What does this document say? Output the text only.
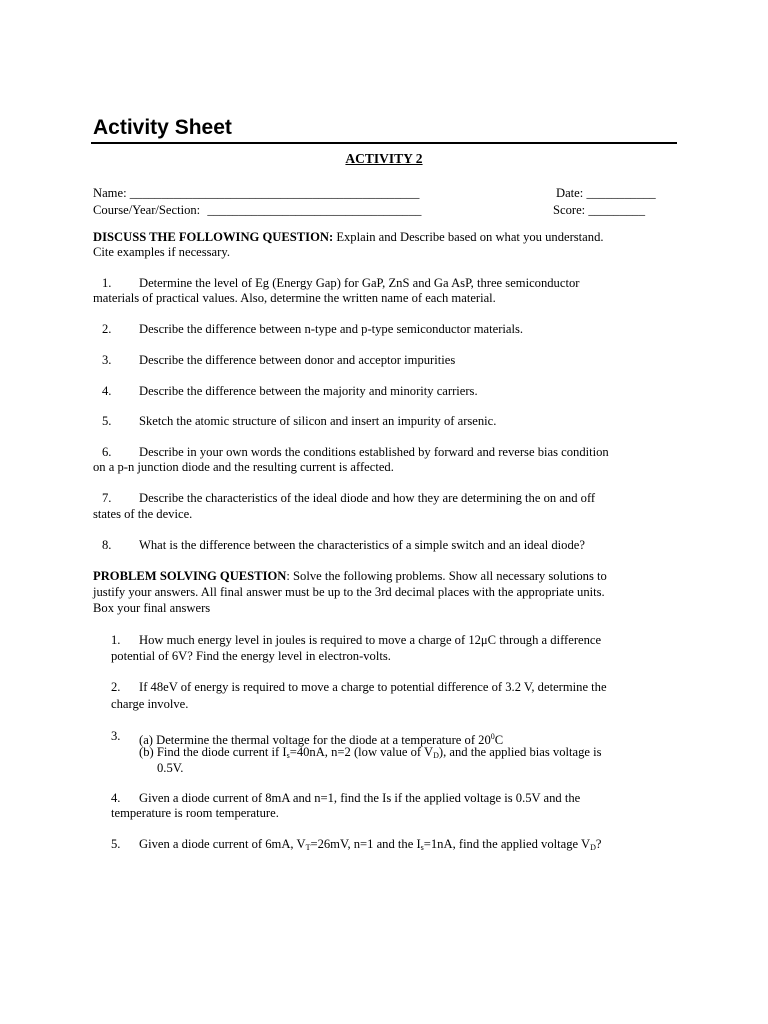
Activity Sheet
ACTIVITY 2
Name: ______________________________________________	Date: ___________
Course/Year/Section: __________________________________	Score: _________
DISCUSS THE FOLLOWING QUESTION: Explain and Describe based on what you understand.
Cite examples if necessary.
1. Determine the level of Eg (Energy Gap) for GaP, ZnS and Ga AsP, three semiconductor
materials of practical values. Also, determine the written name of each material.
2. Describe the difference between n-type and p-type semiconductor materials.
3. Describe the difference between donor and acceptor impurities
4. Describe the difference between the majority and minority carriers.
5. Sketch the atomic structure of silicon and insert an impurity of arsenic.
6. Describe in your own words the conditions established by forward and reverse bias condition
on a p-n junction diode and the resulting current is affected.
7. Describe the characteristics of the ideal diode and how they are determining the on and off
states of the device.
8. What is the difference between the characteristics of a simple switch and an ideal diode?
PROBLEM SOLVING QUESTION: Solve the following problems. Show all necessary solutions to
justify your answers. All final answer must be up to the 3rd decimal places with the appropriate units.
Box your final answers
1. How much energy level in joules is required to move a charge of 12μC through a difference
potential of 6V? Find the energy level in electron-volts.
2. If 48eV of energy is required to move a charge to potential difference of 3.2 V, determine the
charge involve.
3. (a) Determine the thermal voltage for the diode at a temperature of $20^0C$
(b) Find the diode current if $I_s=40nA$, n=2 (low value of $V_D$), and the applied bias voltage is
0.5V.
4. Given a diode current of 8mA and n=1, find the Is if the applied voltage is 0.5V and the
temperature is room temperature.
5. Given a diode current of 6mA, $V_T=26mV$, n=1 and the $I_s=1nA$, find the applied voltage $V_D$?
